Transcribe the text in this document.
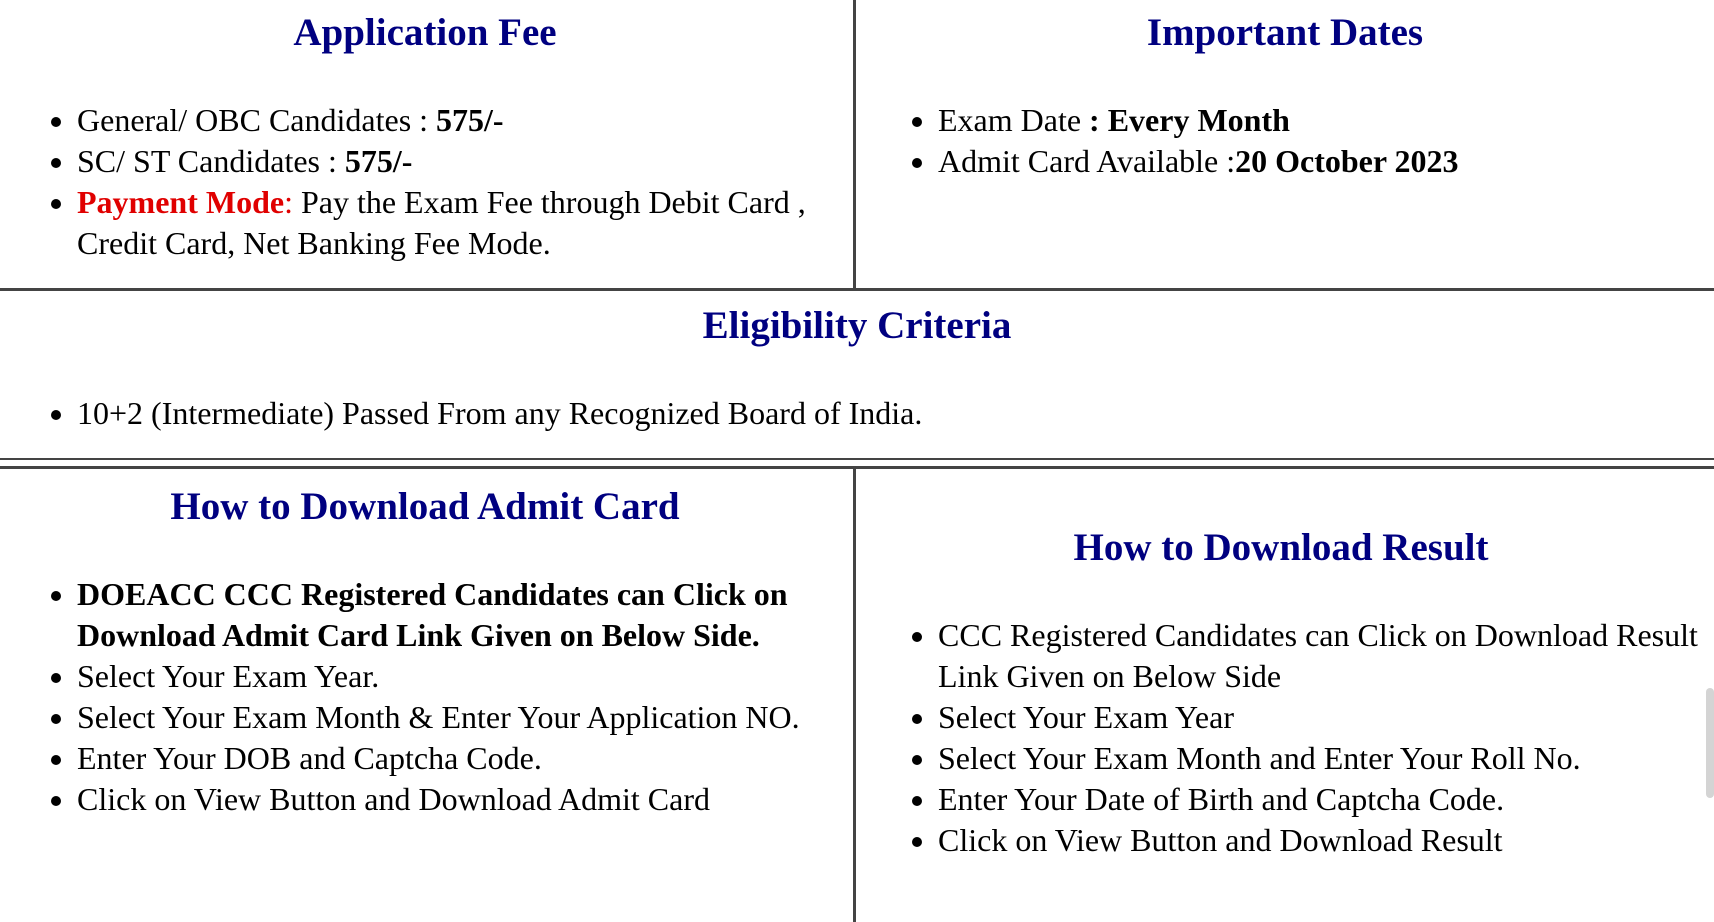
Application Fee
• General/ OBC Candidates : 575/-
• SC/ ST Candidates : 575/-
• Payment Mode: Pay the Exam Fee through Debit Card , Credit Card, Net Banking Fee Mode.
Important Dates
• Exam Date : Every Month
• Admit Card Available :20 October 2023
Eligibility Criteria
• 10+2 (Intermediate) Passed From any Recognized Board of India.
How to Download Admit Card
• DOEACC CCC Registered Candidates can Click on Download Admit Card Link Given on Below Side.
• Select Your Exam Year.
• Select Your Exam Month & Enter Your Application NO.
• Enter Your DOB and Captcha Code.
• Click on View Button and Download Admit Card
How to Download Result
• CCC Registered Candidates can Click on Download Result Link Given on Below Side
• Select Your Exam Year
• Select Your Exam Month and Enter Your Roll No.
• Enter Your Date of Birth and Captcha Code.
• Click on View Button and Download Result
